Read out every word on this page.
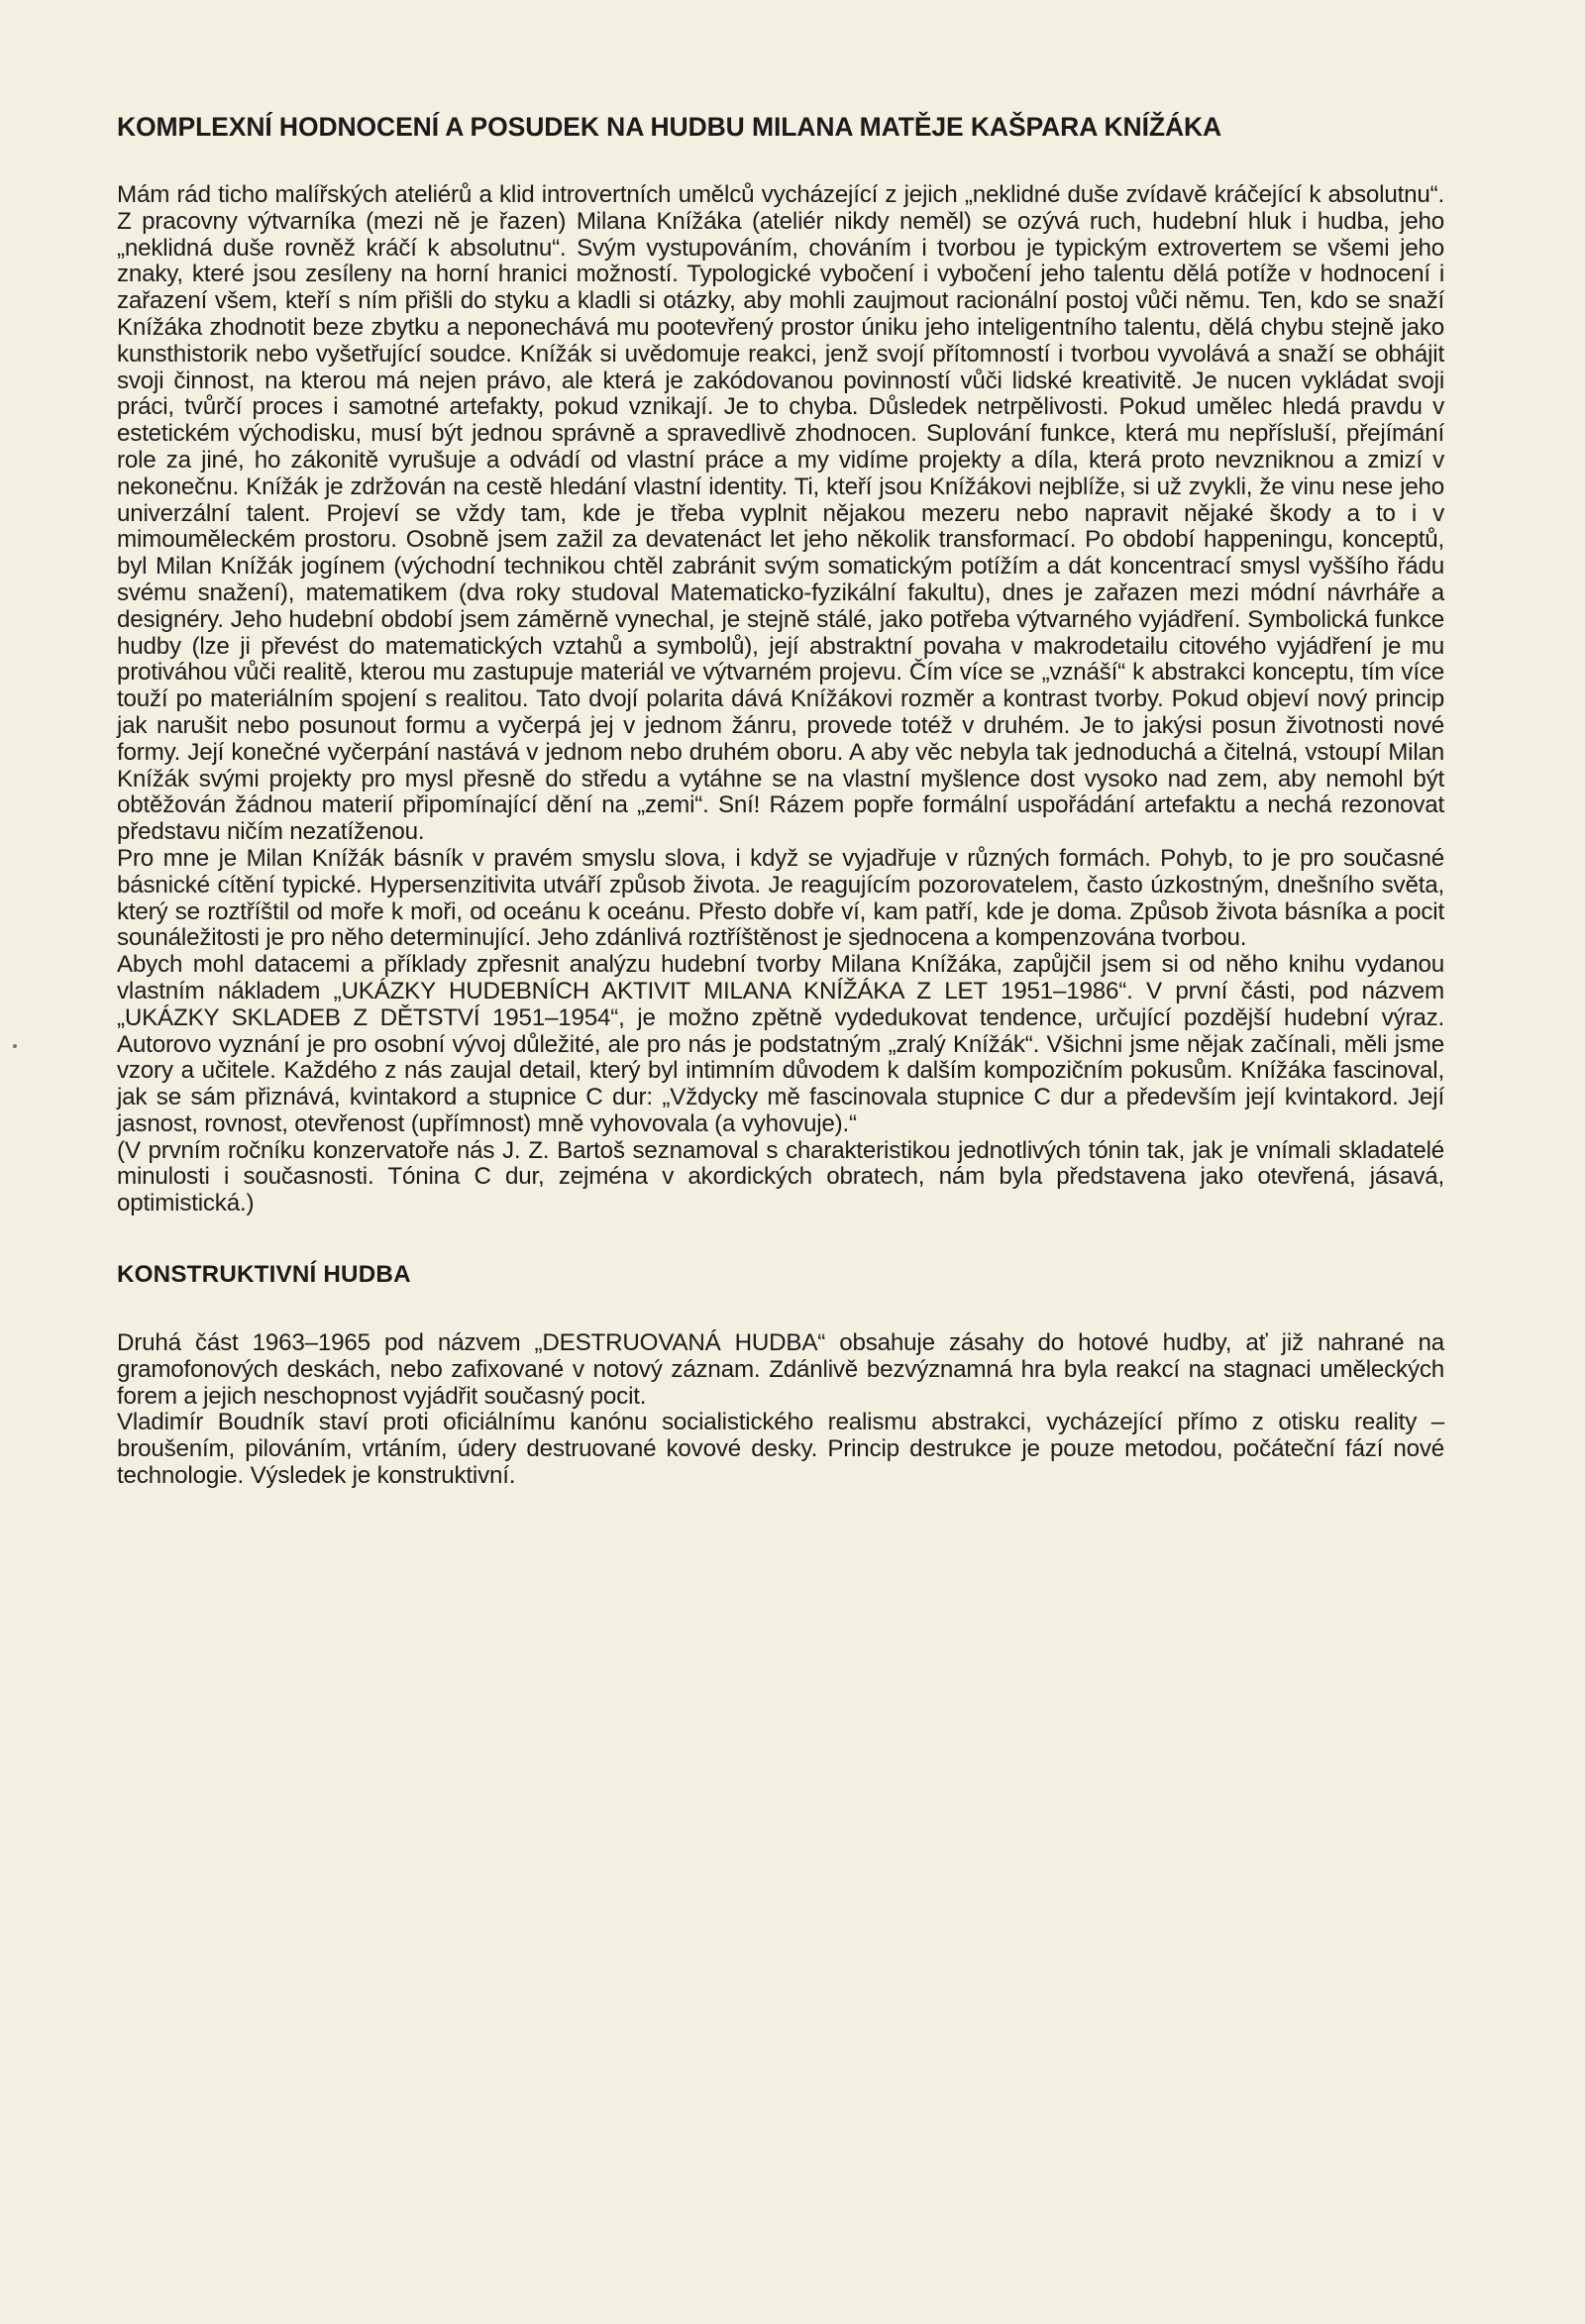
KOMPLEXNÍ HODNOCENÍ A POSUDEK NA HUDBU MILANA MATĚJE KAŠPARA KNÍŽÁKA

Mám rád ticho malířských ateliérů a klid introvertních umělců vycházející z jejich „neklidné duše zvídavě kráčející k absolutnu“. Z pracovny výtvarníka (mezi ně je řazen) Milana Knížáka (ateliér nikdy neměl) se ozývá ruch, hudební hluk i hudba, jeho „neklidná duše rovněž kráčí k absolutnu“. Svým vystupováním, chováním i tvorbou je typickým extrovertem se všemi jeho znaky, které jsou zesíleny na horní hranici možností. Typologické vybočení i vybočení jeho talentu dělá potíže v hodnocení i zařazení všem, kteří s ním přišli do styku a kladli si otázky, aby mohli zaujmout racionální postoj vůči němu. Ten, kdo se snaží Knížáka zhodnotit beze zbytku a neponechává mu pootevřený prostor úniku jeho inteligentního talentu, dělá chybu stejně jako kunsthistorik nebo vyšetřující soudce. Knížák si uvědomuje reakci, jenž svojí přítomností i tvorbou vyvolává a snaží se obhájit svoji činnost, na kterou má nejen právo, ale která je zakódovanou povinností vůči lidské kreativitě. Je nucen vykládat svoji práci, tvůrčí proces i samotné artefakty, pokud vznikají. Je to chyba. Důsledek netrpělivosti. Pokud umělec hledá pravdu v estetickém východisku, musí být jednou správně a spravedlivě zhodnocen. Suplování funkce, která mu nepřísluší, přejímání role za jiné, ho zákonitě vyrušuje a odvádí od vlastní práce a my vidíme projekty a díla, která proto nevzniknou a zmizí v nekonečnu. Knížák je zdržován na cestě hledání vlastní identity. Ti, kteří jsou Knížákovi nejblíže, si už zvykli, že vinu nese jeho univerzální talent. Projeví se vždy tam, kde je třeba vyplnit nějakou mezeru nebo napravit nějaké škody a to i v mimouměleckém prostoru. Osobně jsem zažil za devatenáct let jeho několik transformací. Po období happeningu, konceptů, byl Milan Knížák jogínem (východní technikou chtěl zabránit svým somatickým potížím a dát koncentrací smysl vyššího řádu svému snažení), matematikem (dva roky studoval Matematicko-fyzikální fakultu), dnes je zařazen mezi módní návrháře a designéry. Jeho hudební období jsem záměrně vynechal, je stejně stálé, jako potřeba výtvarného vyjádření. Symbolická funkce hudby (lze ji převést do matematických vztahů a symbolů), její abstraktní povaha v makrodetailu citového vyjádření je mu protiváhou vůči realitě, kterou mu zastupuje materiál ve výtvarném projevu. Čím více se „vznáší“ k abstrakci konceptu, tím více touží po materiálním spojení s realitou. Tato dvojí polarita dává Knížákovi rozměr a kontrast tvorby. Pokud objeví nový princip jak narušit nebo posunout formu a vyčerpá jej v jednom žánru, provede totéž v druhém. Je to jakýsi posun životnosti nové formy. Její konečné vyčerpání nastává v jednom nebo druhém oboru. A aby věc nebyla tak jednoduchá a čitelná, vstoupí Milan Knížák svými projekty pro mysl přesně do středu a vytáhne se na vlastní myšlence dost vysoko nad zem, aby nemohl být obtěžován žádnou materií připomínající dění na „zemi“. Sní! Rázem popře formální uspořádání artefaktu a nechá rezonovat představu ničím nezatíženou.

Pro mne je Milan Knížák básník v pravém smyslu slova, i když se vyjadřuje v různých formách. Pohyb, to je pro současné básnické cítění typické. Hypersenzitivita utváří způsob života. Je reagujícím pozorovatelem, často úzkostným, dnešního světa, který se roztříštil od moře k moři, od oceánu k oceánu. Přesto dobře ví, kam patří, kde je doma. Způsob života básníka a pocit sounáležitosti je pro něho determinující. Jeho zdánlivá roztříštěnost je sjednocena a kompenzována tvorbou.

Abych mohl datacemi a příklady zpřesnit analýzu hudební tvorby Milana Knížáka, zapůjčil jsem si od něho knihu vydanou vlastním nákladem „UKÁZKY HUDEBNÍCH AKTIVIT MILANA KNÍŽÁKA Z LET 1951–1986“. V první části, pod názvem „UKÁZKY SKLADEB Z DĚTSTVÍ 1951–1954“, je možno zpětně vydedukovat tendence, určující pozdější hudební výraz. Autorovo vyznání je pro osobní vývoj důležité, ale pro nás je podstatným „zralý Knížák“. Všichni jsme nějak začínali, měli jsme vzory a učitele. Každého z nás zaujal detail, který byl intimním důvodem k dalším kompozičním pokusům. Knížáka fascinoval, jak se sám přiznává, kvintakord a stupnice C dur: „Vždycky mě fascinovala stupnice C dur a především její kvintakord. Její jasnost, rovnost, otevřenost (upřímnost) mně vyhovovala (a vyhovuje).“

(V prvním ročníku konzervatoře nás J. Z. Bartoš seznamoval s charakteristikou jednotlivých tónin tak, jak je vnímali skladatelé minulosti i současnosti. Tónina C dur, zejména v akordických obratech, nám byla představena jako otevřená, jásavá, optimistická.)

KONSTRUKTIVNÍ HUDBA

Druhá část 1963–1965 pod názvem „DESTRUOVANÁ HUDBA“ obsahuje zásahy do hotové hudby, ať již nahrané na gramofonových deskách, nebo zafixované v notový záznam. Zdánlivě bezvýznamná hra byla reakcí na stagnaci uměleckých forem a jejich neschopnost vyjádřit současný pocit.

Vladimír Boudník staví proti oficiálnímu kanónu socialistického realismu abstrakci, vycházející přímo z otisku reality – broušením, pilováním, vrtáním, údery destruované kovové desky. Princip destrukce je pouze metodou, počáteční fází nové technologie. Výsledek je konstruktivní.
